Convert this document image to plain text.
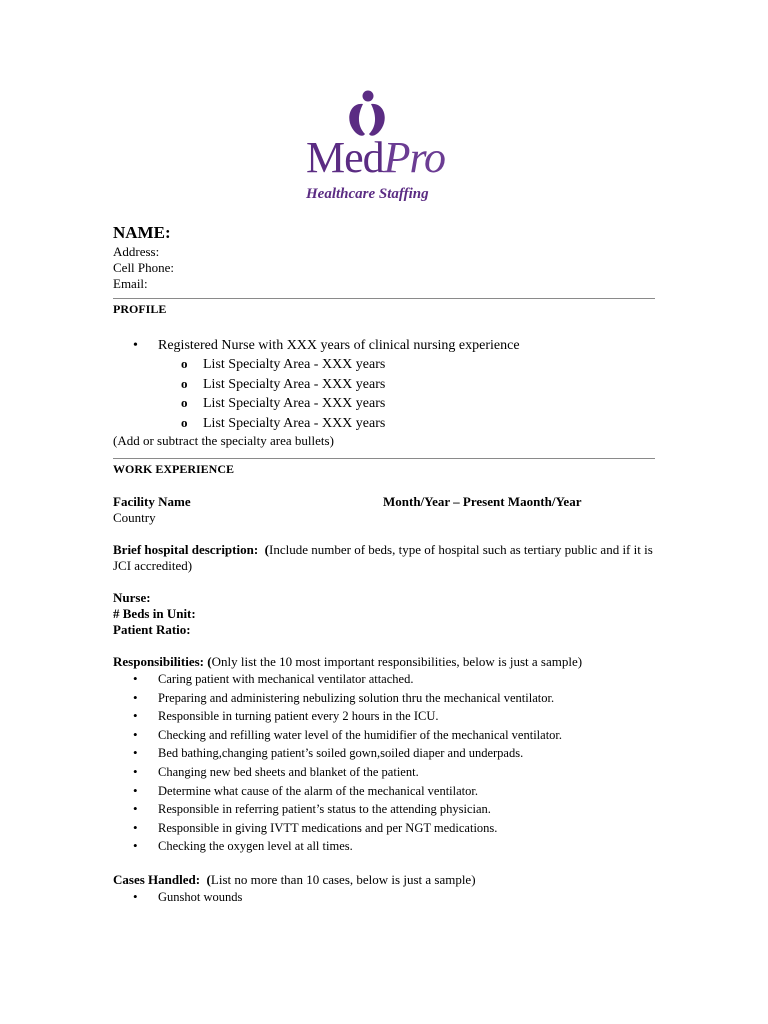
MedPro

Healthcare Staffing

NAME:

Address:

Cell Phone:

Email:

PROFILE

• Registered Nurse with XXX years of clinical nursing experience
o List Specialty Area - XXX years
o List Specialty Area - XXX years
o List Specialty Area - XXX years
o List Specialty Area - XXX years

(Add or subtract the specialty area bullets)

WORK EXPERIENCE

Facility Name	Month/Year – Present Maonth/Year

Country

Brief hospital description: (Include number of beds, type of hospital such as tertiary public and if it is JCI accredited)

Nurse:

# Beds in Unit:

Patient Ratio:

Responsibilities: (Only list the 10 most important responsibilities, below is just a sample)

• Caring patient with mechanical ventilator attached.
• Preparing and administering nebulizing solution thru the mechanical ventilator.
• Responsible in turning patient every 2 hours in the ICU.
• Checking and refilling water level of the humidifier of the mechanical ventilator.
• Bed bathing,changing patient’s soiled gown,soiled diaper and underpads.
• Changing new bed sheets and blanket of the patient.
• Determine what cause of the alarm of the mechanical ventilator.
• Responsible in referring patient’s status to the attending physician.
• Responsible in giving IVTT medications and per NGT medications.
• Checking the oxygen level at all times.

Cases Handled: (List no more than 10 cases, below is just a sample)

• Gunshot wounds
